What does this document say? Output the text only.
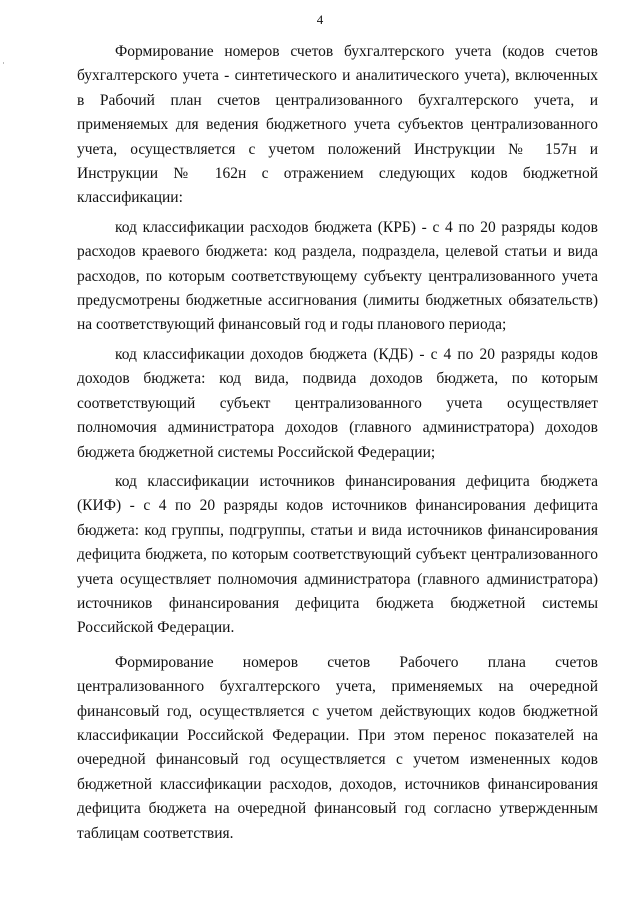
4

Формирование номеров счетов бухгалтерского учета (кодов счетов бухгалтерского учета - синтетического и аналитического учета), включенных в Рабочий план счетов централизованного бухгалтерского учета, и применяемых для ведения бюджетного учета субъектов централизованного учета, осуществляется с учетом положений Инструкции № 157н и Инструкции № 162н с отражением следующих кодов бюджетной классификации:

код классификации расходов бюджета (КРБ) - с 4 по 20 разряды кодов расходов краевого бюджета: код раздела, подраздела, целевой статьи и вида расходов, по которым соответствующему субъекту централизованного учета предусмотрены бюджетные ассигнования (лимиты бюджетных обязательств) на соответствующий финансовый год и годы планового периода;

код классификации доходов бюджета (КДБ) - с 4 по 20 разряды кодов доходов бюджета: код вида, подвида доходов бюджета, по которым соответствующий субъект централизованного учета осуществляет полномочия администратора доходов (главного администратора) доходов бюджета бюджетной системы Российской Федерации;

код классификации источников финансирования дефицита бюджета (КИФ) - с 4 по 20 разряды кодов источников финансирования дефицита бюджета: код группы, подгруппы, статьи и вида источников финансирования дефицита бюджета, по которым соответствующий субъект централизованного учета осуществляет полномочия администратора (главного администратора) источников финансирования дефицита бюджета бюджетной системы Российской Федерации.

Формирование номеров счетов Рабочего плана счетов централизованного бухгалтерского учета, применяемых на очередной финансовый год, осуществляется с учетом действующих кодов бюджетной классификации Российской Федерации. При этом перенос показателей на очередной финансовый год осуществляется с учетом измененных кодов бюджетной классификации расходов, доходов, источников финансирования дефицита бюджета на очередной финансовый год согласно утвержденным таблицам соответствия.
